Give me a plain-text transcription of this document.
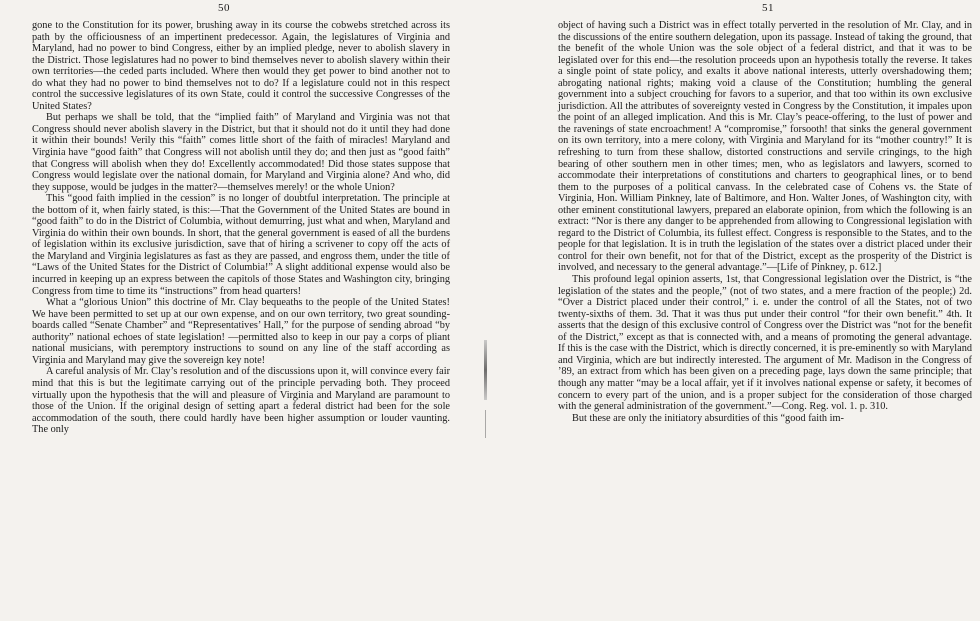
50

gone to the Constitution for its power, brushing away in its course the cobwebs stretched across its path by the officiousness of an impertinent predecessor. Again, the legislatures of Virginia and Maryland, had no power to bind Congress, either by an implied pledge, never to abolish slavery in the District. Those legislatures had no power to bind themselves never to abolish slavery within their own territories—the ceded parts included. Where then would they get power to bind another not to do what they had no power to bind themselves not to do? If a legislature could not in this respect control the successive legislatures of its own State, could it control the successive Congresses of the United States?

But perhaps we shall be told, that the “implied faith” of Maryland and Virginia was not that Congress should never abolish slavery in the District, but that it should not do it until they had done it within their bounds! Verily this “faith” comes little short of the faith of miracles! Maryland and Virginia have “good faith” that Congress will not abolish until they do; and then just as “good faith” that Congress will abolish when they do! Excellently accommodated! Did those states suppose that Congress would legislate over the national domain, for Maryland and Virginia alone? And who, did they suppose, would be judges in the matter?—themselves merely! or the whole Union?

This “good faith implied in the cession” is no longer of doubtful interpretation. The principle at the bottom of it, when fairly stated, is this:—That the Government of the United States are bound in “good faith” to do in the District of Columbia, without demurring, just what and when, Maryland and Virginia do within their own bounds. In short, that the general government is eased of all the burdens of legislation within its exclusive jurisdiction, save that of hiring a scrivener to copy off the acts of the Maryland and Virginia legislatures as fast as they are passed, and engross them, under the title of “Laws of the United States for the District of Columbia!” A slight additional expense would also be incurred in keeping up an express between the capitols of those States and Washington city, bringing Congress from time to time its “instructions” from head quarters!

What a “glorious Union” this doctrine of Mr. Clay bequeaths to the people of the United States! We have been permitted to set up at our own expense, and on our own territory, two great sounding-boards called “Senate Chamber” and “Representatives’ Hall,” for the purpose of sending abroad “by authority” national echoes of state legislation! —permitted also to keep in our pay a corps of pliant national musicians, with peremptory instructions to sound on any line of the staff according as Virginia and Maryland may give the sovereign key note!

A careful analysis of Mr. Clay’s resolution and of the discussions upon it, will convince every fair mind that this is but the legitimate carrying out of the principle pervading both. They proceed virtually upon the hypothesis that the will and pleasure of Virginia and Maryland are paramount to those of the Union. If the original design of setting apart a federal district had been for the sole accommodation of the south, there could hardly have been higher assumption or louder vaunting. The only

51

object of having such a District was in effect totally perverted in the resolution of Mr. Clay, and in the discussions of the entire southern delegation, upon its passage. Instead of taking the ground, that the benefit of the whole Union was the sole object of a federal district, and that it was to be legislated over for this end—the resolution proceeds upon an hypothesis totally the reverse. It takes a single point of state policy, and exalts it above national interests, utterly overshadowing them; abrogating national rights; making void a clause of the Constitution; humbling the general government into a subject crouching for favors to a superior, and that too within its own exclusive jurisdiction. All the attributes of sovereignty vested in Congress by the Constitution, it impales upon the point of an alleged implication. And this is Mr. Clay’s peace-offering, to the lust of power and the ravenings of state encroachment! A “compromise,” forsooth! that sinks the general government on its own territory, into a mere colony, with Virginia and Maryland for its “mother country!” It is refreshing to turn from these shallow, distorted constructions and servile cringings, to the high bearing of other southern men in other times; men, who as legislators and lawyers, scorned to accommodate their interpretations of constitutions and charters to geographical lines, or to bend them to the purposes of a political canvass. In the celebrated case of Cohens vs. the State of Virginia, Hon. William Pinkney, late of Baltimore, and Hon. Walter Jones, of Washington city, with other eminent constitutional lawyers, prepared an elaborate opinion, from which the following is an extract: “Nor is there any danger to be apprehended from allowing to Congressional legislation with regard to the District of Columbia, its fullest effect. Congress is responsible to the States, and to the people for that legislation. It is in truth the legislation of the states over a district placed under their control for their own benefit, not for that of the District, except as the prosperity of the District is involved, and necessary to the general advantage.”—[Life of Pinkney, p. 612.]

This profound legal opinion asserts, 1st, that Congressional legislation over the District, is “the legislation of the states and the people,” (not of two states, and a mere fraction of the people;) 2d. “Over a District placed under their control,” i. e. under the control of all the States, not of two twenty-sixths of them. 3d. That it was thus put under their control “for their own benefit.” 4th. It asserts that the design of this exclusive control of Congress over the District was “not for the benefit of the District,” except as that is connected with, and a means of promoting the general advantage. If this is the case with the District, which is directly concerned, it is pre-eminently so with Maryland and Virginia, which are but indirectly interested. The argument of Mr. Madison in the Congress of ’89, an extract from which has been given on a preceding page, lays down the same principle; that though any matter “may be a local affair, yet if it involves national expense or safety, it becomes of concern to every part of the union, and is a proper subject for the consideration of those charged with the general administration of the government.”—Cong. Reg. vol. 1. p. 310.

But these are only the initiatory absurdities of this “good faith im-
